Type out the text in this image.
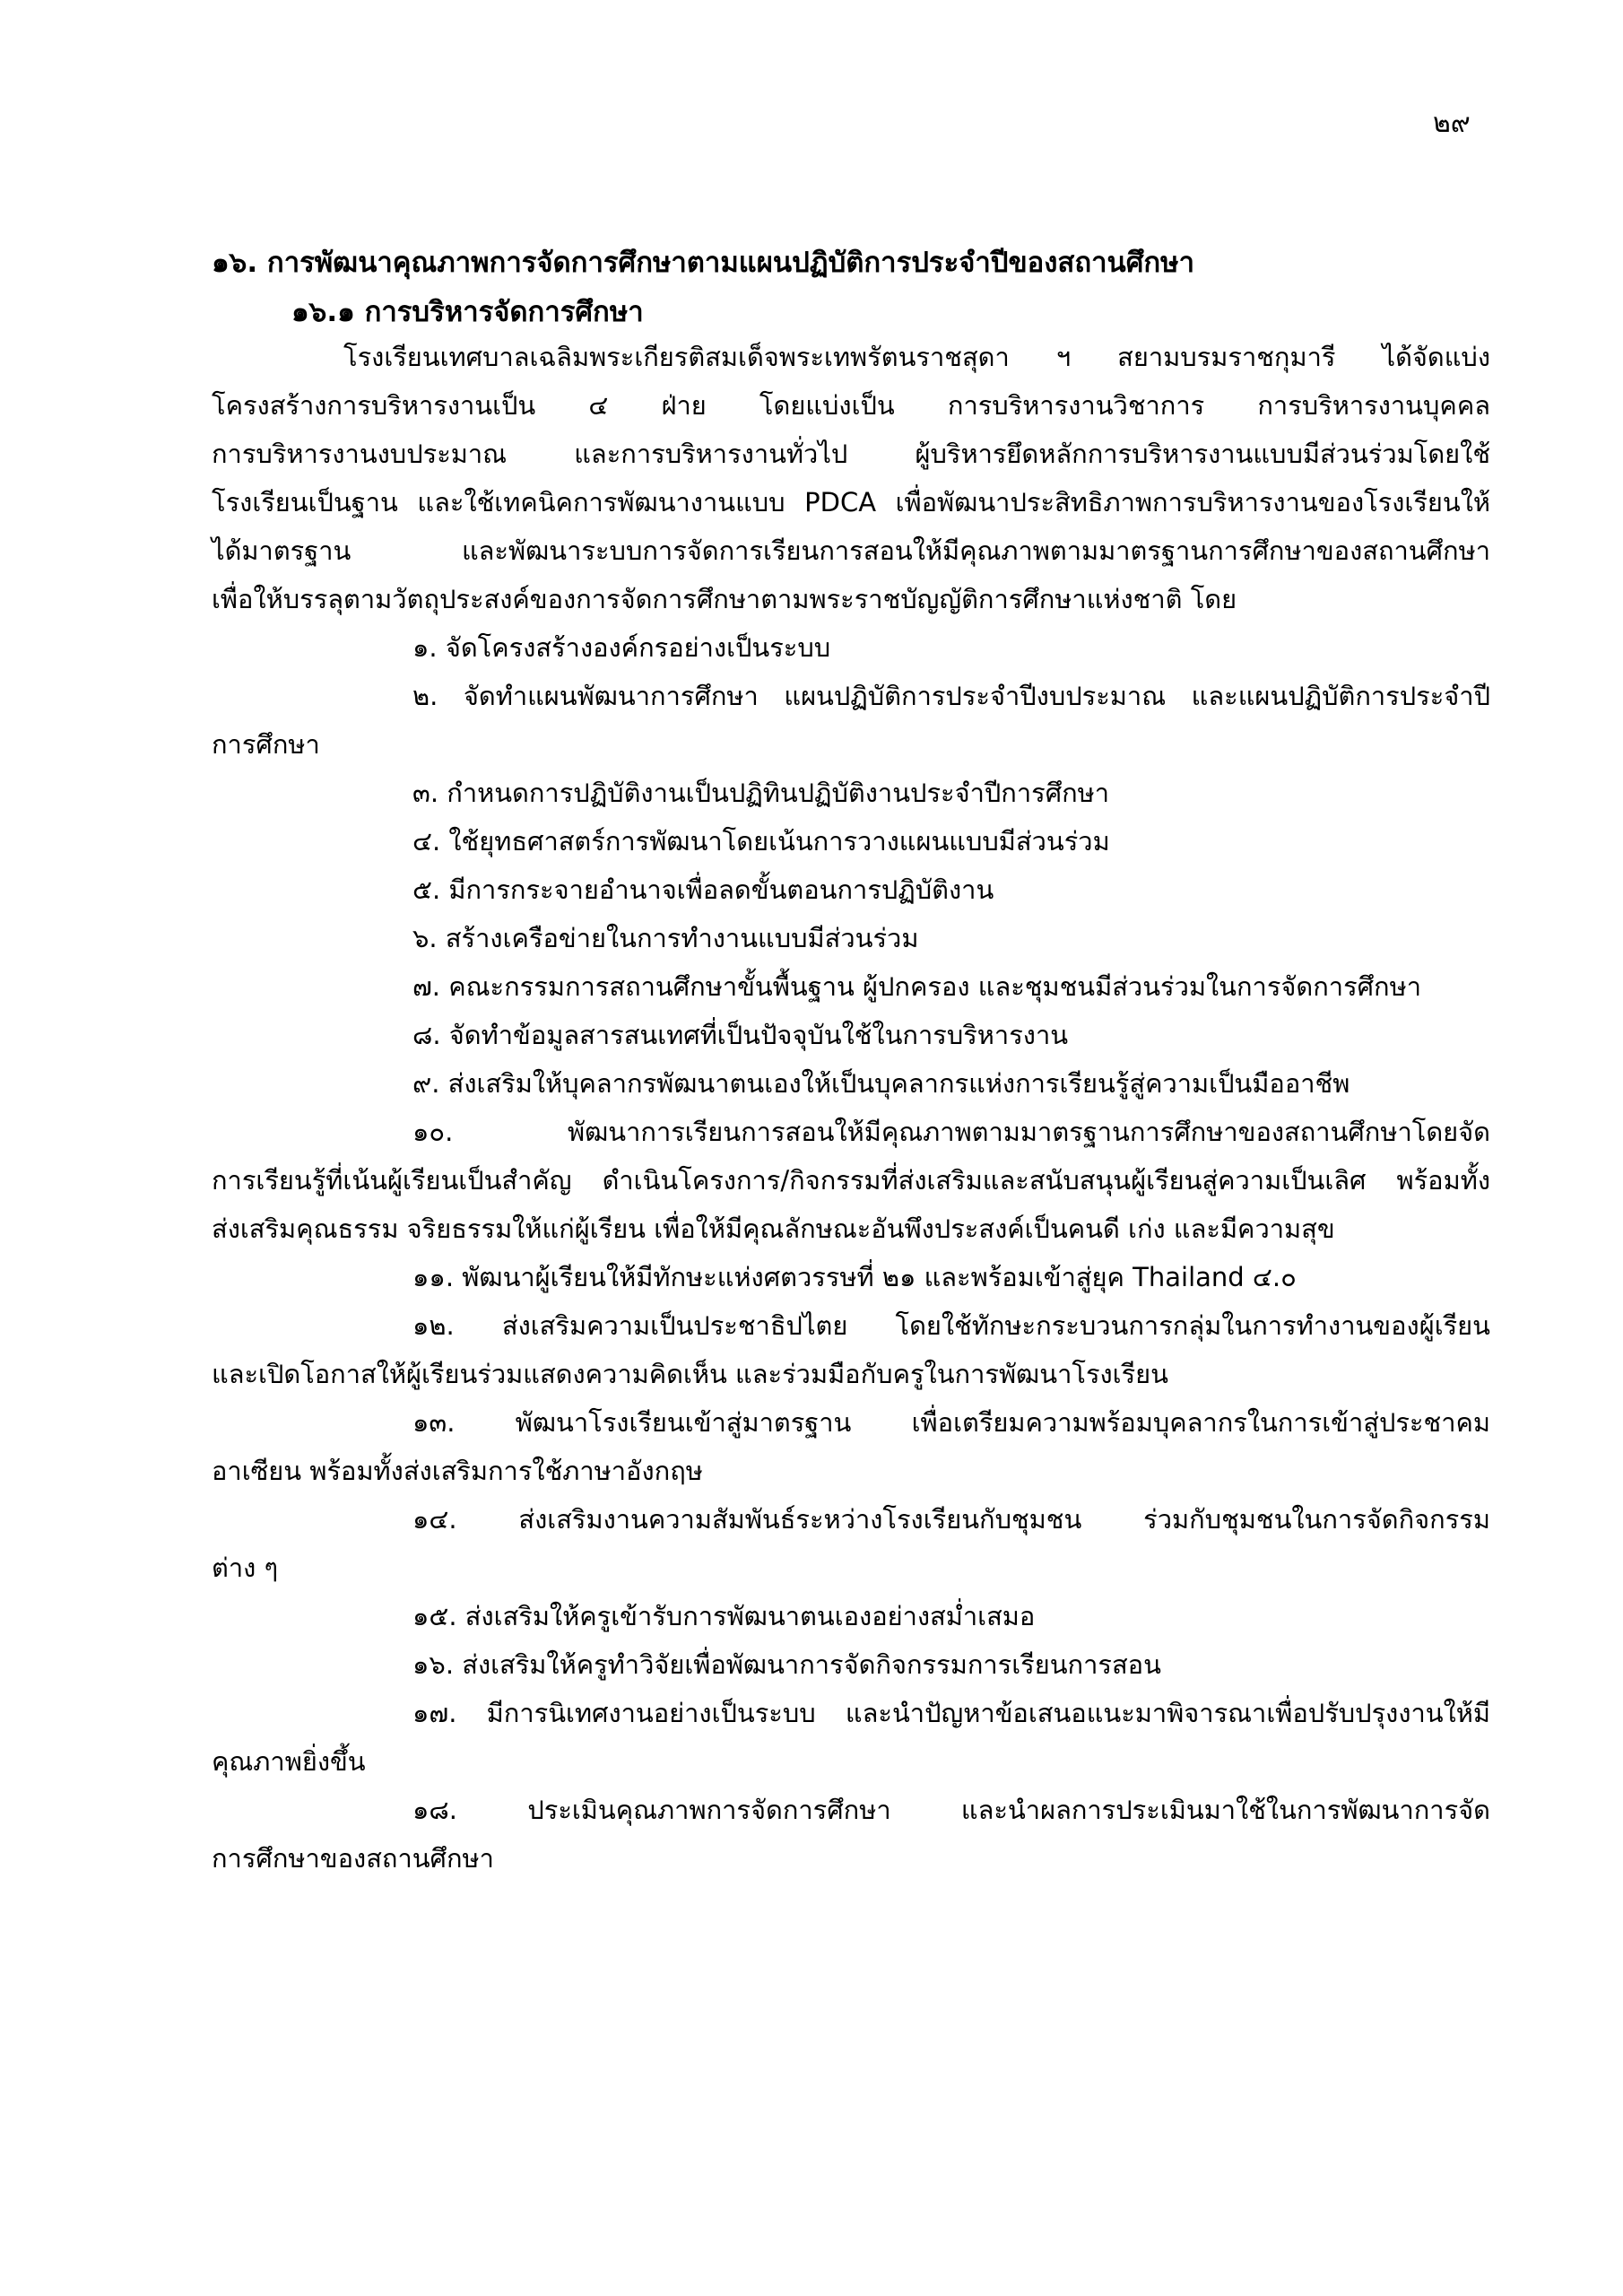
๒๙
๑๖. การพัฒนาคุณภาพการจัดการศึกษาตามแผนปฏิบัติการประจำปีของสถานศึกษา
๑๖.๑ การบริหารจัดการศึกษา
โรงเรียนเทศบาลเฉลิมพระเกียรติสมเด็จพระเทพรัตนราชสุดา ฯ สยามบรมราชกุมารี ได้จัดแบ่ง
โครงสร้างการบริหารงานเป็น ๔ ฝ่าย โดยแบ่งเป็น การบริหารงานวิชาการ การบริหารงานบุคคล
การบริหารงานงบประมาณ และการบริหารงานทั่วไป ผู้บริหารยึดหลักการบริหารงานแบบมีส่วนร่วมโดยใช้
โรงเรียนเป็นฐาน และใช้เทคนิคการพัฒนางานแบบ PDCA เพื่อพัฒนาประสิทธิภาพการบริหารงานของโรงเรียนให้
ได้มาตรฐาน และพัฒนาระบบการจัดการเรียนการสอนให้มีคุณภาพตามมาตรฐานการศึกษาของสถานศึกษา
เพื่อให้บรรลุตามวัตถุประสงค์ของการจัดการศึกษาตามพระราชบัญญัติการศึกษาแห่งชาติ โดย
๑. จัดโครงสร้างองค์กรอย่างเป็นระบบ
๒. จัดทำแผนพัฒนาการศึกษา แผนปฏิบัติการประจำปีงบประมาณ และแผนปฏิบัติการประจำปี
การศึกษา
๓. กำหนดการปฏิบัติงานเป็นปฏิทินปฏิบัติงานประจำปีการศึกษา
๔. ใช้ยุทธศาสตร์การพัฒนาโดยเน้นการวางแผนแบบมีส่วนร่วม
๕. มีการกระจายอำนาจเพื่อลดขั้นตอนการปฏิบัติงาน
๖. สร้างเครือข่ายในการทำงานแบบมีส่วนร่วม
๗. คณะกรรมการสถานศึกษาขั้นพื้นฐาน ผู้ปกครอง และชุมชนมีส่วนร่วมในการจัดการศึกษา
๘. จัดทำข้อมูลสารสนเทศที่เป็นปัจจุบันใช้ในการบริหารงาน
๙. ส่งเสริมให้บุคลากรพัฒนาตนเองให้เป็นบุคลากรแห่งการเรียนรู้สู่ความเป็นมืออาชีพ
๑๐. พัฒนาการเรียนการสอนให้มีคุณภาพตามมาตรฐานการศึกษาของสถานศึกษาโดยจัด
การเรียนรู้ที่เน้นผู้เรียนเป็นสำคัญ ดำเนินโครงการ/กิจกรรมที่ส่งเสริมและสนับสนุนผู้เรียนสู่ความเป็นเลิศ พร้อมทั้ง
ส่งเสริมคุณธรรม จริยธรรมให้แก่ผู้เรียน เพื่อให้มีคุณลักษณะอันพึงประสงค์เป็นคนดี เก่ง และมีความสุข
๑๑. พัฒนาผู้เรียนให้มีทักษะแห่งศตวรรษที่ ๒๑ และพร้อมเข้าสู่ยุค Thailand ๔.๐
๑๒. ส่งเสริมความเป็นประชาธิปไตย โดยใช้ทักษะกระบวนการกลุ่มในการทำงานของผู้เรียน
และเปิดโอกาสให้ผู้เรียนร่วมแสดงความคิดเห็น และร่วมมือกับครูในการพัฒนาโรงเรียน
๑๓. พัฒนาโรงเรียนเข้าสู่มาตรฐาน เพื่อเตรียมความพร้อมบุคลากรในการเข้าสู่ประชาคม
อาเซียน พร้อมทั้งส่งเสริมการใช้ภาษาอังกฤษ
๑๔. ส่งเสริมงานความสัมพันธ์ระหว่างโรงเรียนกับชุมชน ร่วมกับชุมชนในการจัดกิจกรรม
ต่าง ๆ
๑๕. ส่งเสริมให้ครูเข้ารับการพัฒนาตนเองอย่างสม่ำเสมอ
๑๖. ส่งเสริมให้ครูทำวิจัยเพื่อพัฒนาการจัดกิจกรรมการเรียนการสอน
๑๗. มีการนิเทศงานอย่างเป็นระบบ และนำปัญหาข้อเสนอแนะมาพิจารณาเพื่อปรับปรุงงานให้มี
คุณภาพยิ่งขึ้น
๑๘. ประเมินคุณภาพการจัดการศึกษา และนำผลการประเมินมาใช้ในการพัฒนาการจัด
การศึกษาของสถานศึกษา
